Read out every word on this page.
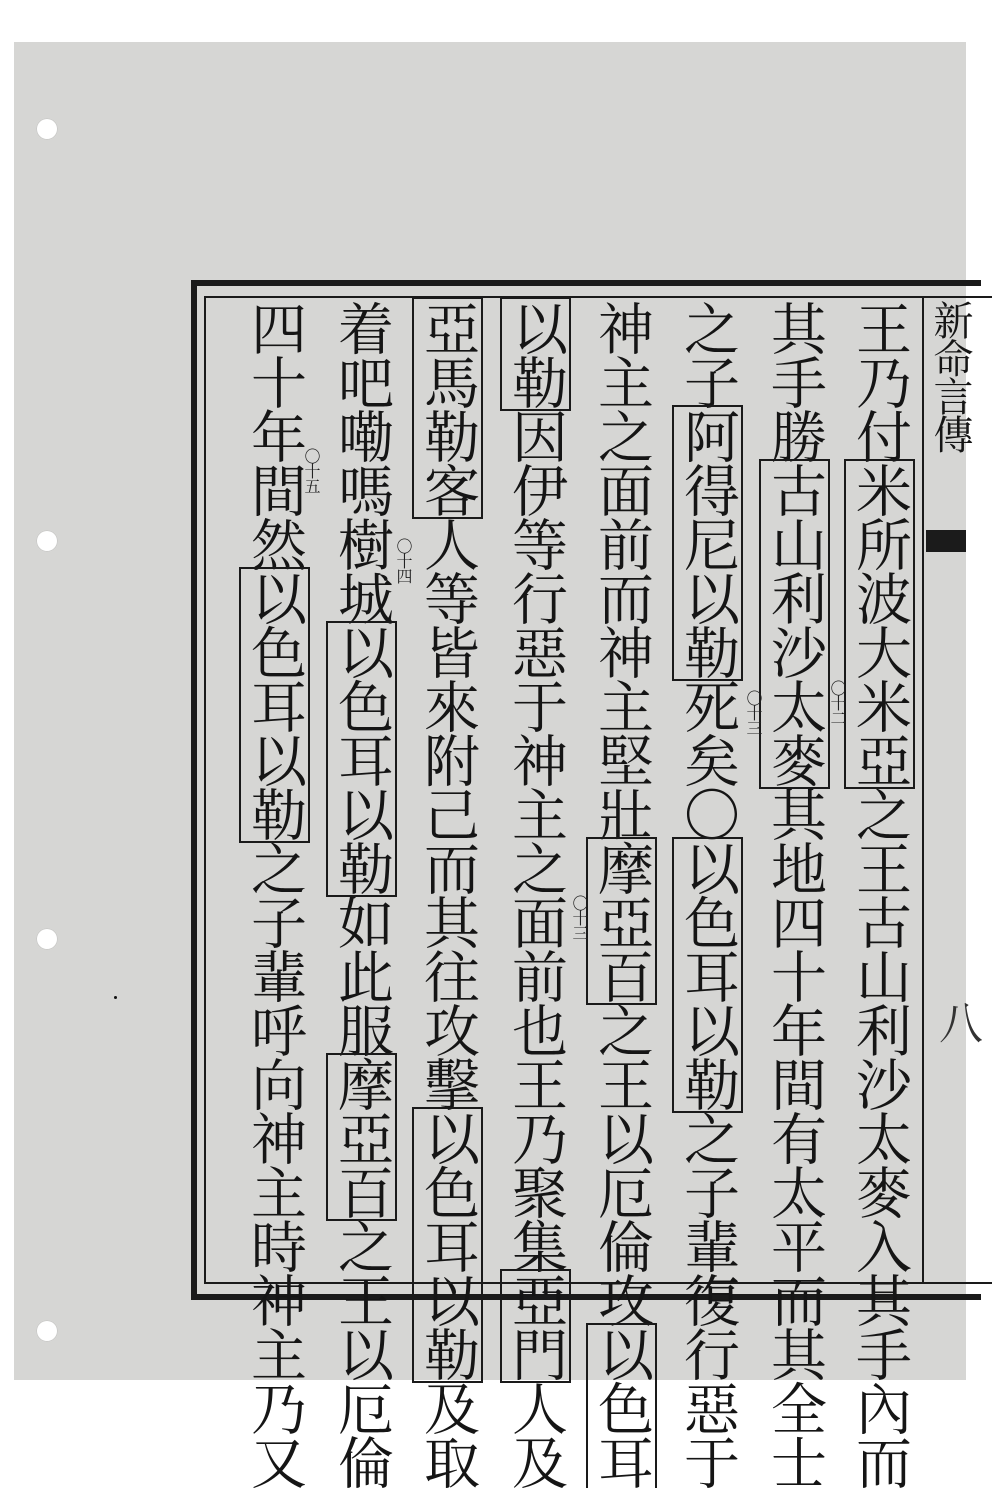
新命言傳
八
王乃付米所波大米亞之王古山利沙太麥入其手內而
其手勝古山利沙太麥其地四十年間有太平而其全士
之子阿得尼以勒死矣〇以色耳以勒之子輩復行惡于
神主之面前而神主堅壯摩亞百之王以厄倫攻以色耳
以勒因伊等行惡于神主之面前也王乃聚集亞門人及
亞馬勒客人等皆來附己而其往攻擊以色耳以勒及取
着吧嘞嗎樹城以色耳以勒如此服摩亞百之王以厄倫
四十年間然以色耳以勒之子輩呼向神主時神主乃又
〇十二
〇十三
〇十三
〇十四
〇十五
